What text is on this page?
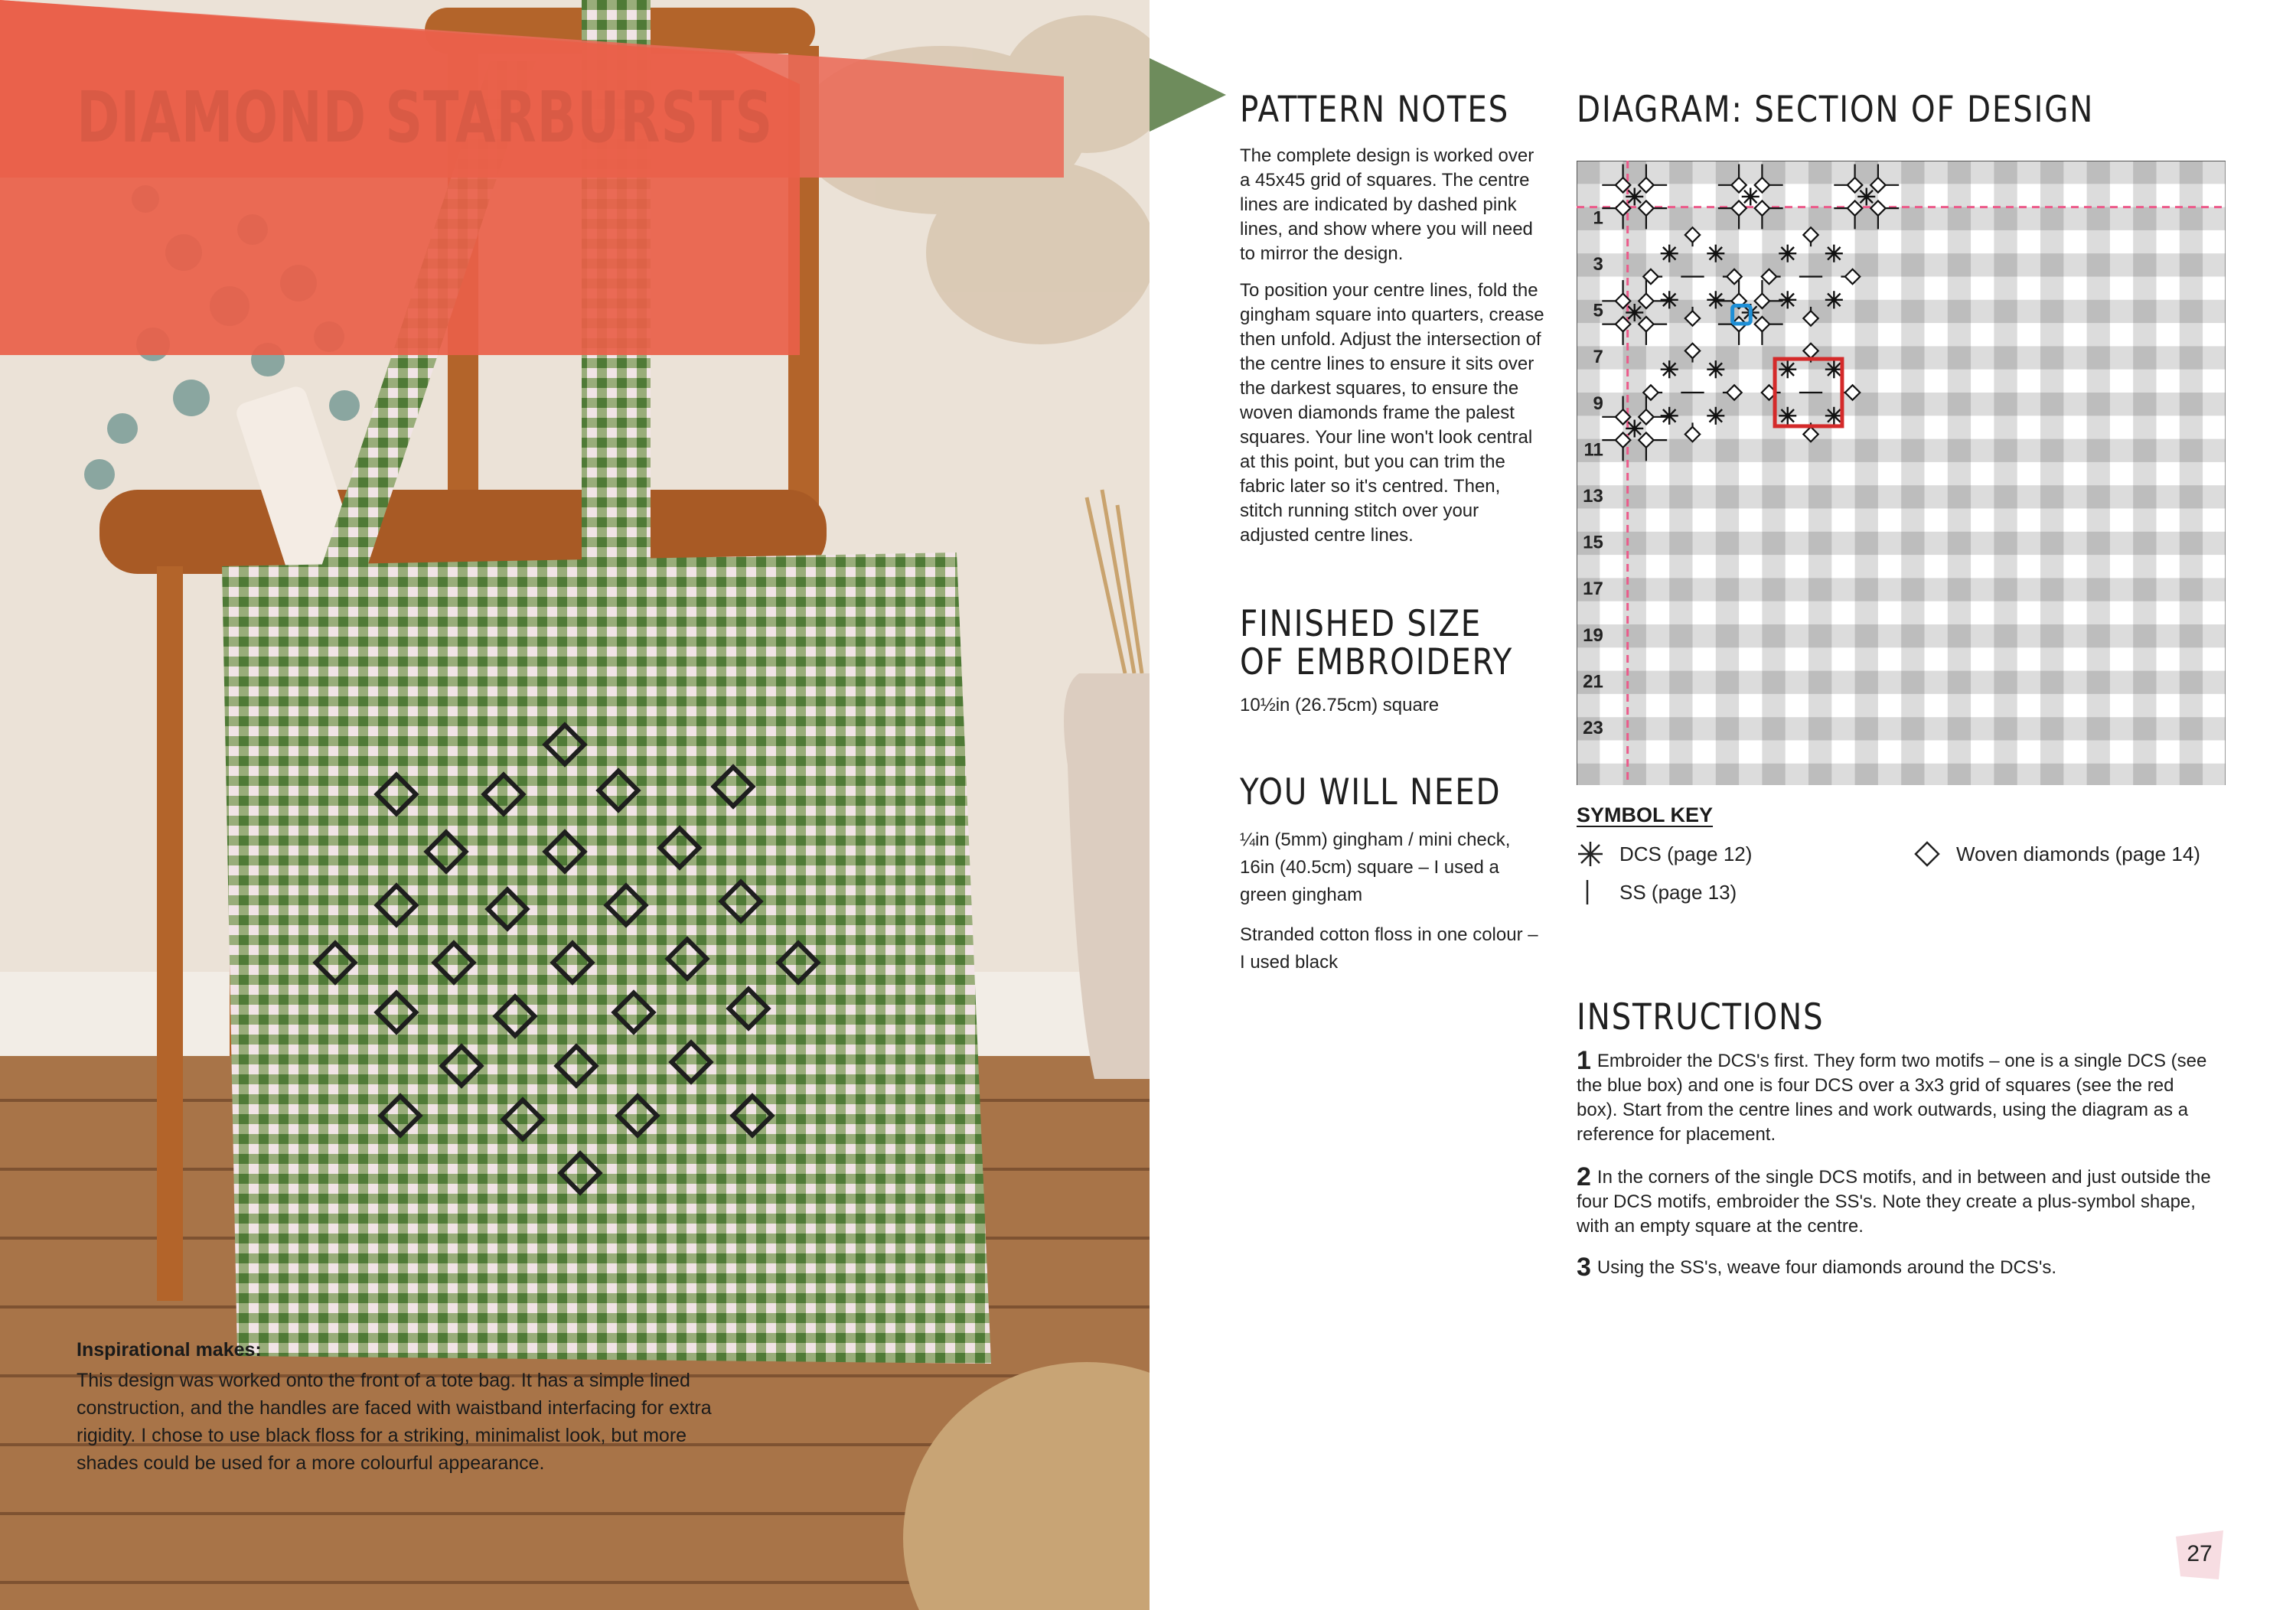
Inspirational makes:

This design was worked onto the front of a tote bag. It has a simple lined construction, and the handles are faced with waistband interfacing for extra rigidity. I chose to use black floss for a striking, minimalist look, but more shades could be used for a more colourful appearance.

PATTERN NOTES

The complete design is worked over a 45x45 grid of squares. The centre lines are indicated by dashed pink lines, and show where you will need to mirror the design.

To position your centre lines, fold the gingham square into quarters, crease then unfold. Adjust the intersection of the centre lines to ensure it sits over the darkest squares, to ensure the woven diamonds frame the palest squares. Your line won't look central at this point, but you can trim the fabric later so it's centred. Then, stitch running stitch over your adjusted centre lines.

FINISHED SIZE
OF EMBROIDERY

10½in (26.75cm) square

YOU WILL NEED

¼in (5mm) gingham / mini check, 16in (40.5cm) square – I used a green gingham

Stranded cotton floss in one colour – I used black

DIAGRAM: SECTION OF DESIGN
1
3
5
7
9
11
13
15
17
19
21
23

SYMBOL KEY

DCS (page 12)
SS (page 13)
Woven diamonds (page 14)
INSTRUCTIONS

1 Embroider the DCS's first. They form two motifs – one is a single DCS (see the blue box) and one is four DCS over a 3x3 grid of squares (see the red box). Start from the centre lines and work outwards, using the diagram as a reference for placement.

2 In the corners of the single DCS motifs, and in between and just outside the four DCS motifs, embroider the SS's. Note they create a plus-symbol shape, with an empty square at the centre.

3 Using the SS's, weave four diamonds around the DCS's.

27
